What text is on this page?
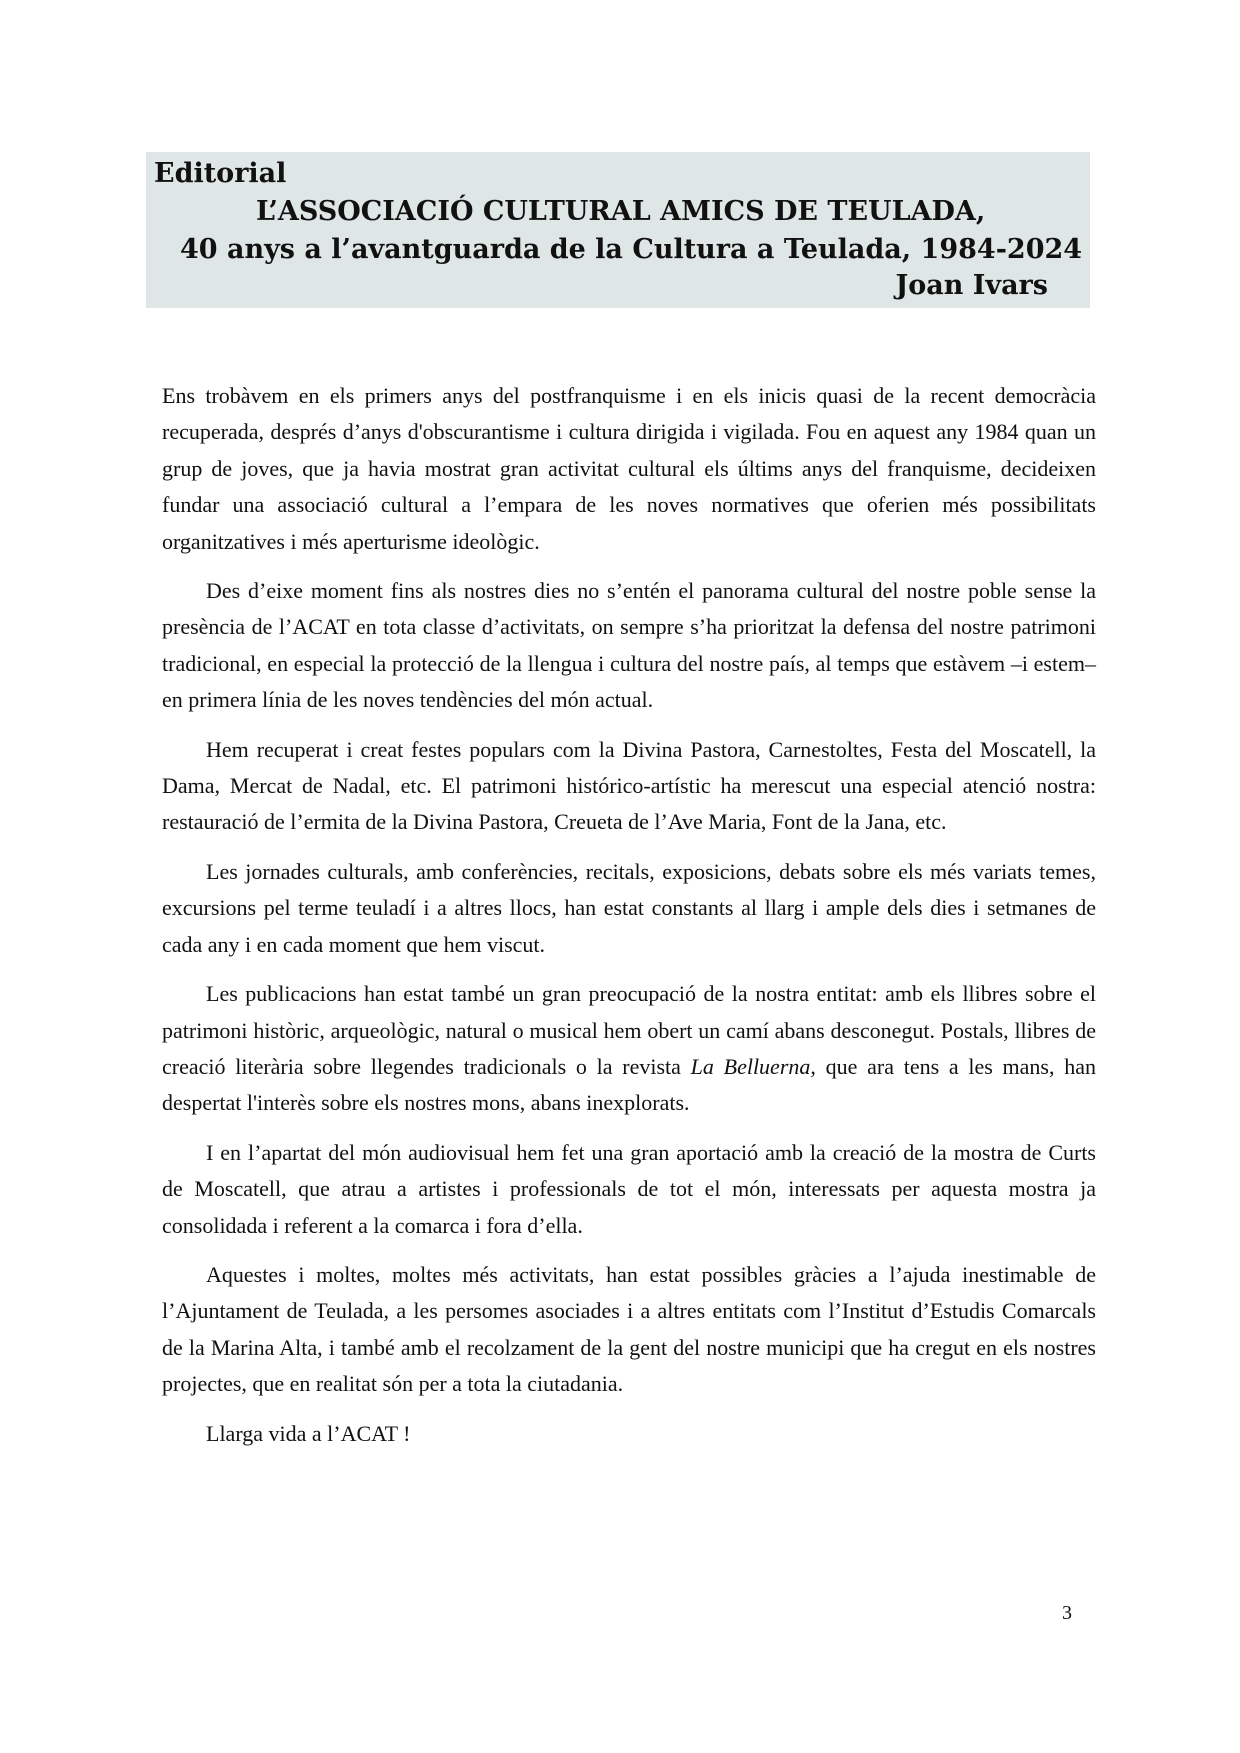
Editorial
L’ASSOCIACIÓ CULTURAL AMICS DE TEULADA,
40 anys a l’avantguarda de la Cultura a Teulada, 1984-2024
Joan Ivars

Ens trobàvem en els primers anys del postfranquisme i en els inicis quasi de la recent democràcia recuperada, després d’anys d'obscurantisme i cultura dirigida i vigilada. Fou en aquest any 1984 quan un grup de joves, que ja havia mostrat gran activitat cultural els últims anys del franquisme, decideixen fundar una associació cultural a l’empara de les noves normatives que oferien més possibilitats organitzatives i més aperturisme ideològic.

Des d’eixe moment fins als nostres dies no s’entén el panorama cultural del nostre poble sense la presència de l’ACAT en tota classe d’activitats, on sempre s’ha prioritzat la defensa del nostre patrimoni tradicional, en especial la protecció de la llengua i cultura del nostre país, al temps que estàvem –i estem– en primera línia de les noves tendències del món actual.

Hem recuperat i creat festes populars com la Divina Pastora, Carnestoltes, Festa del Moscatell, la Dama, Mercat de Nadal, etc. El patrimoni histórico-artístic ha merescut una especial atenció nostra: restauració de l’ermita de la Divina Pastora, Creueta de l’Ave Maria, Font de la Jana, etc.

Les jornades culturals, amb conferències, recitals, exposicions, debats sobre els més variats temes, excursions pel terme teuladí i a altres llocs, han estat constants al llarg i ample dels dies i setmanes de cada any i en cada moment que hem viscut.

Les publicacions han estat també un gran preocupació de la nostra entitat: amb els llibres sobre el patrimoni històric, arqueològic, natural o musical hem obert un camí abans desconegut. Postals, llibres de creació literària sobre llegendes tradicionals o la revista La Belluerna, que ara tens a les mans, han despertat l'interès sobre els nostres mons, abans inexplorats.

I en l’apartat del món audiovisual hem fet una gran aportació amb la creació de la mostra de Curts de Moscatell, que atrau a artistes i professionals de tot el món, interessats per aquesta mostra ja consolidada i referent a la comarca i fora d’ella.

Aquestes i moltes, moltes més activitats, han estat possibles gràcies a l’ajuda inestimable de l’Ajuntament de Teulada, a les persomes asociades i a altres entitats com l’Institut d’Estudis Comarcals de la Marina Alta, i també amb el recolzament de la gent del nostre municipi que ha cregut en els nostres projectes, que en realitat són per a tota la ciutadania.

Llarga vida a l’ACAT !

3
